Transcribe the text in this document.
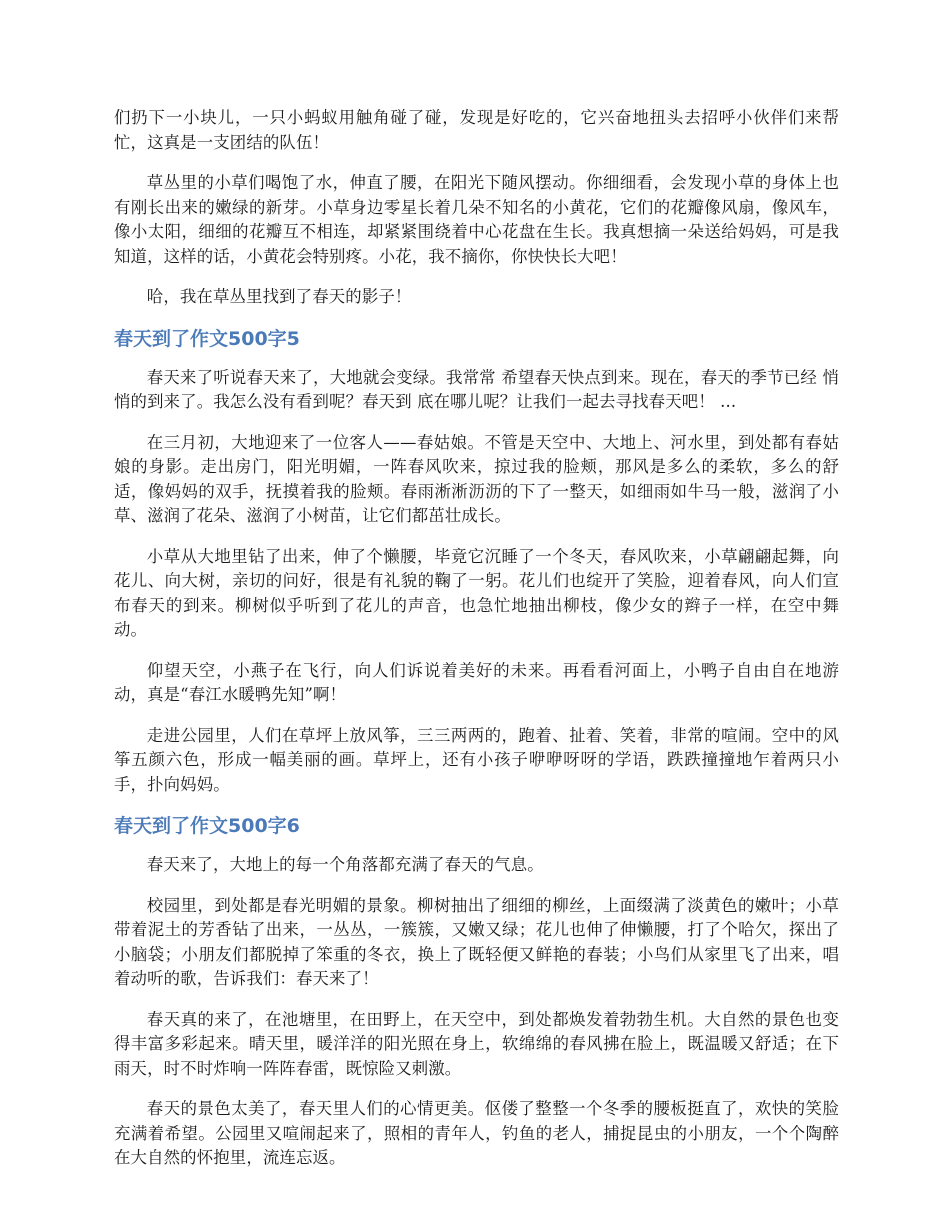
们扔下一小块儿，一只小蚂蚁用触角碰了碰，发现是好吃的，它兴奋地扭头去招呼小伙伴们来帮忙，这真是一支团结的队伍！

草丛里的小草们喝饱了水，伸直了腰，在阳光下随风摆动。你细细看，会发现小草的身体上也有刚长出来的嫩绿的新芽。小草身边零星长着几朵不知名的小黄花，它们的花瓣像风扇，像风车，像小太阳，细细的花瓣互不相连，却紧紧围绕着中心花盘在生长。我真想摘一朵送给妈妈，可是我知道，这样的话，小黄花会特别疼。小花，我不摘你，你快快长大吧！

哈，我在草丛里找到了春天的影子！

春天到了作文500字5

春天来了听说春天来了，大地就会变绿。我常常 希望春天快点到来。现在，春天的季节已经 悄悄的到来了。我怎么没有看到呢？春天到 底在哪儿呢？让我们一起去寻找春天吧！ ...

在三月初，大地迎来了一位客人——春姑娘。不管是天空中、大地上、河水里，到处都有春姑娘的身影。走出房门，阳光明媚，一阵春风吹来，掠过我的脸颊，那风是多么的柔软，多么的舒适，像妈妈的双手，抚摸着我的脸颊。春雨淅淅沥沥的下了一整天，如细雨如牛马一般，滋润了小草、滋润了花朵、滋润了小树苗，让它们都茁壮成长。

小草从大地里钻了出来，伸了个懒腰，毕竟它沉睡了一个冬天，春风吹来，小草翩翩起舞，向花儿、向大树，亲切的问好，很是有礼貌的鞠了一躬。花儿们也绽开了笑脸，迎着春风，向人们宣布春天的到来。柳树似乎听到了花儿的声音，也急忙地抽出柳枝，像少女的辫子一样，在空中舞动。

仰望天空，小燕子在飞行，向人们诉说着美好的未来。再看看河面上，小鸭子自由自在地游动，真是“春江水暖鸭先知”啊！

走进公园里，人们在草坪上放风筝，三三两两的，跑着、扯着、笑着，非常的喧闹。空中的风筝五颜六色，形成一幅美丽的画。草坪上，还有小孩子咿咿呀呀的学语，跌跌撞撞地乍着两只小手，扑向妈妈。

春天到了作文500字6

春天来了，大地上的每一个角落都充满了春天的气息。

校园里，到处都是春光明媚的景象。柳树抽出了细细的柳丝，上面缀满了淡黄色的嫩叶；小草带着泥土的芳香钻了出来，一丛丛，一簇簇，又嫩又绿；花儿也伸了伸懒腰，打了个哈欠，探出了小脑袋；小朋友们都脱掉了笨重的冬衣，换上了既轻便又鲜艳的春装；小鸟们从家里飞了出来，唱着动听的歌，告诉我们：春天来了！

春天真的来了，在池塘里，在田野上，在天空中，到处都焕发着勃勃生机。大自然的景色也变得丰富多彩起来。晴天里，暖洋洋的阳光照在身上，软绵绵的春风拂在脸上，既温暖又舒适；在下雨天，时不时炸响一阵阵春雷，既惊险又刺激。

春天的景色太美了，春天里人们的心情更美。伛偻了整整一个冬季的腰板挺直了，欢快的笑脸充满着希望。公园里又喧闹起来了，照相的青年人，钓鱼的老人，捕捉昆虫的小朋友，一个个陶醉在大自然的怀抱里，流连忘返。
